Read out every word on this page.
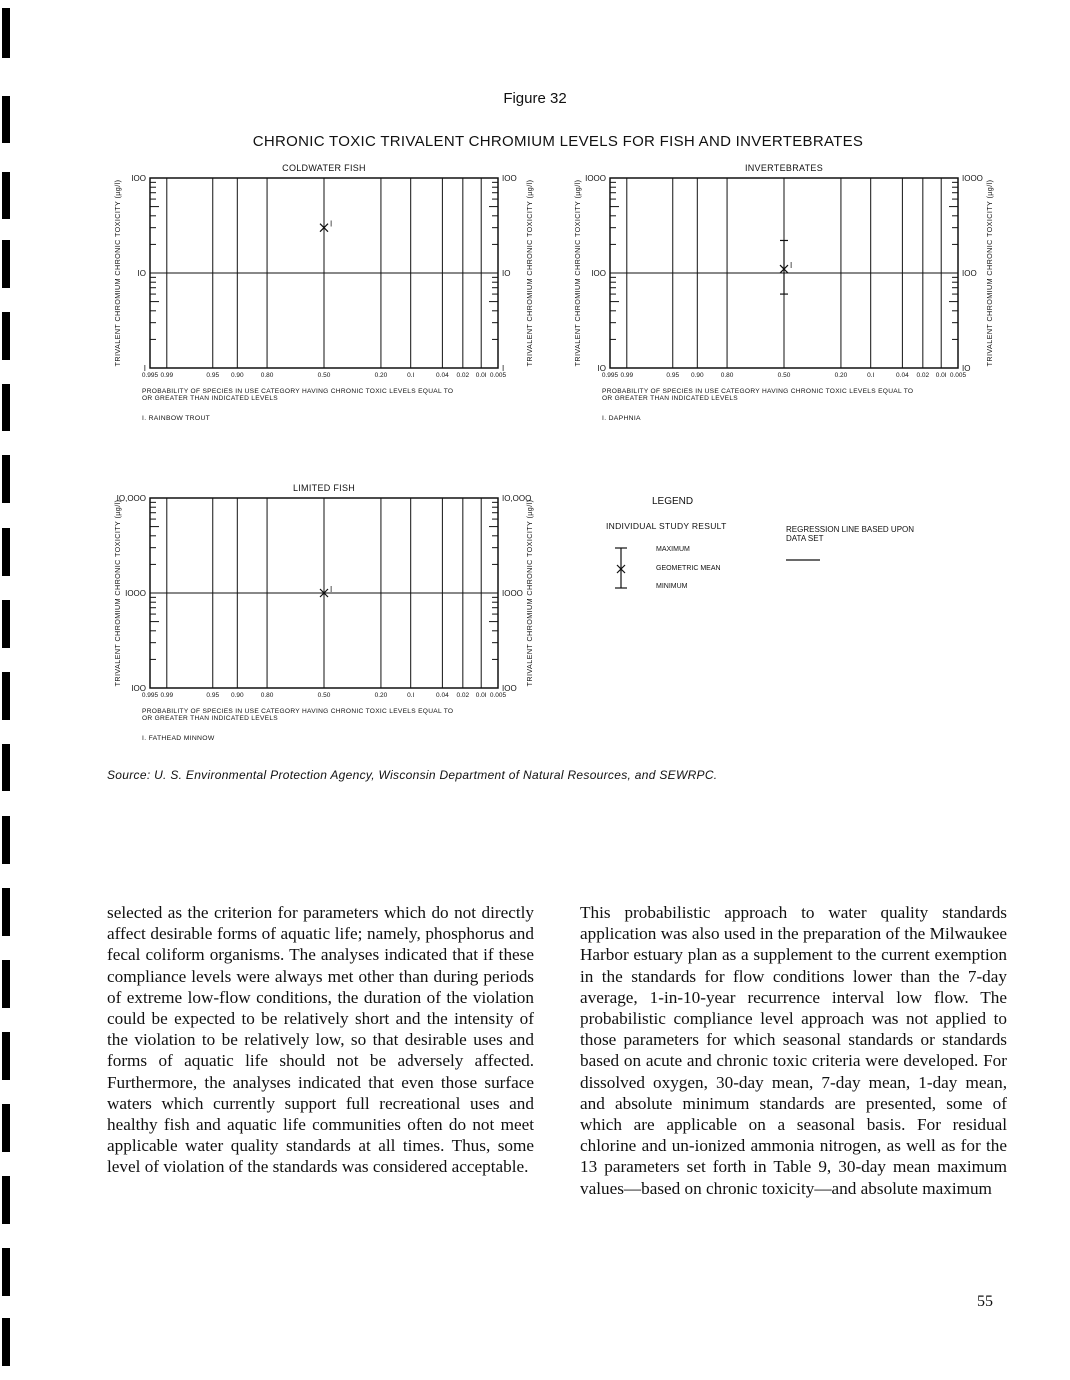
Figure 32
CHRONIC TOXIC TRIVALENT CHROMIUM LEVELS FOR FISH AND INVERTEBRATES
COLDWATER FISH
I	I
IO	IO
IOO	IOO
TRIVALENT CHROMIUM CHRONIC TOXICITY (µg/l)	TRIVALENT CHROMIUM CHRONIC TOXICITY (µg/l)
0.995 0.99	0.95 0.90	0.80	0.50	0.20	0.I	0.04 0.02 0.0I 0.005
PROBABILITY OF SPECIES IN USE CATEGORY HAVING CHRONIC TOXIC LEVELS EQUAL TO
OR GREATER THAN INDICATED LEVELS
I. RAINBOW TROUT
I
INVERTEBRATES
IO	IO
IOO	IOO
IOOO	IOOO
TRIVALENT CHROMIUM CHRONIC TOXICITY (µg/l)	TRIVALENT CHROMIUM CHRONIC TOXICITY (µg/l)
0.995 0.99	0.95 0.90	0.80	0.50	0.20	0.I	0.04 0.02 0.0I 0.005
PROBABILITY OF SPECIES IN USE CATEGORY HAVING CHRONIC TOXIC LEVELS EQUAL TO
OR GREATER THAN INDICATED LEVELS
I. DAPHNIA
I
LIMITED FISH
IOO	IOO
IOOO	IOOO
IO,OOO	IO,OOO
TRIVALENT CHROMIUM CHRONIC TOXICITY (µg/l)	TRIVALENT CHROMIUM CHRONIC TOXICITY (µg/l)
0.995 0.99	0.95 0.90	0.80	0.50	0.20	0.I	0.04 0.02 0.0I 0.005
PROBABILITY OF SPECIES IN USE CATEGORY HAVING CHRONIC TOXIC LEVELS EQUAL TO
OR GREATER THAN INDICATED LEVELS
I. FATHEAD MINNOW
I
LEGEND
INDIVIDUAL STUDY RESULT	REGRESSION LINE BASED UPON DATA SET
MAXIMUM
GEOMETRIC MEAN
MINIMUM
Source: U. S. Environmental Protection Agency, Wisconsin Department of Natural Resources, and SEWRPC.

selected as the criterion for parameters which do not directly affect desirable forms of aquatic life; namely, phosphorus and fecal coliform organisms. The analyses indicated that if these compliance levels were always met other than during periods of extreme low-flow conditions, the duration of the violation could be expected to be relatively short and the intensity of the violation to be relatively low, so that desirable uses and forms of aquatic life should not be adversely affected. Furthermore, the analyses indicated that even those surface waters which currently support full recreational uses and healthy fish and aquatic life communities often do not meet applicable water quality standards at all times. Thus, some level of violation of the standards was considered acceptable.

This probabilistic approach to water quality standards application was also used in the preparation of the Milwaukee Harbor estuary plan as a supplement to the current exemption in the standards for flow conditions lower than the 7-day average, 1-in-10-year recurrence interval low flow. The probabilistic compliance level approach was not applied to those parameters for which seasonal standards or standards based on acute and chronic toxic criteria were developed. For dissolved oxygen, 30-day mean, 7-day mean, 1-day mean, and absolute minimum standards are presented, some of which are applicable on a seasonal basis. For residual chlorine and un-ionized ammonia nitrogen, as well as for the 13 parameters set forth in Table 9, 30-day mean maximum values—based on chronic toxicity—and absolute maximum

55
